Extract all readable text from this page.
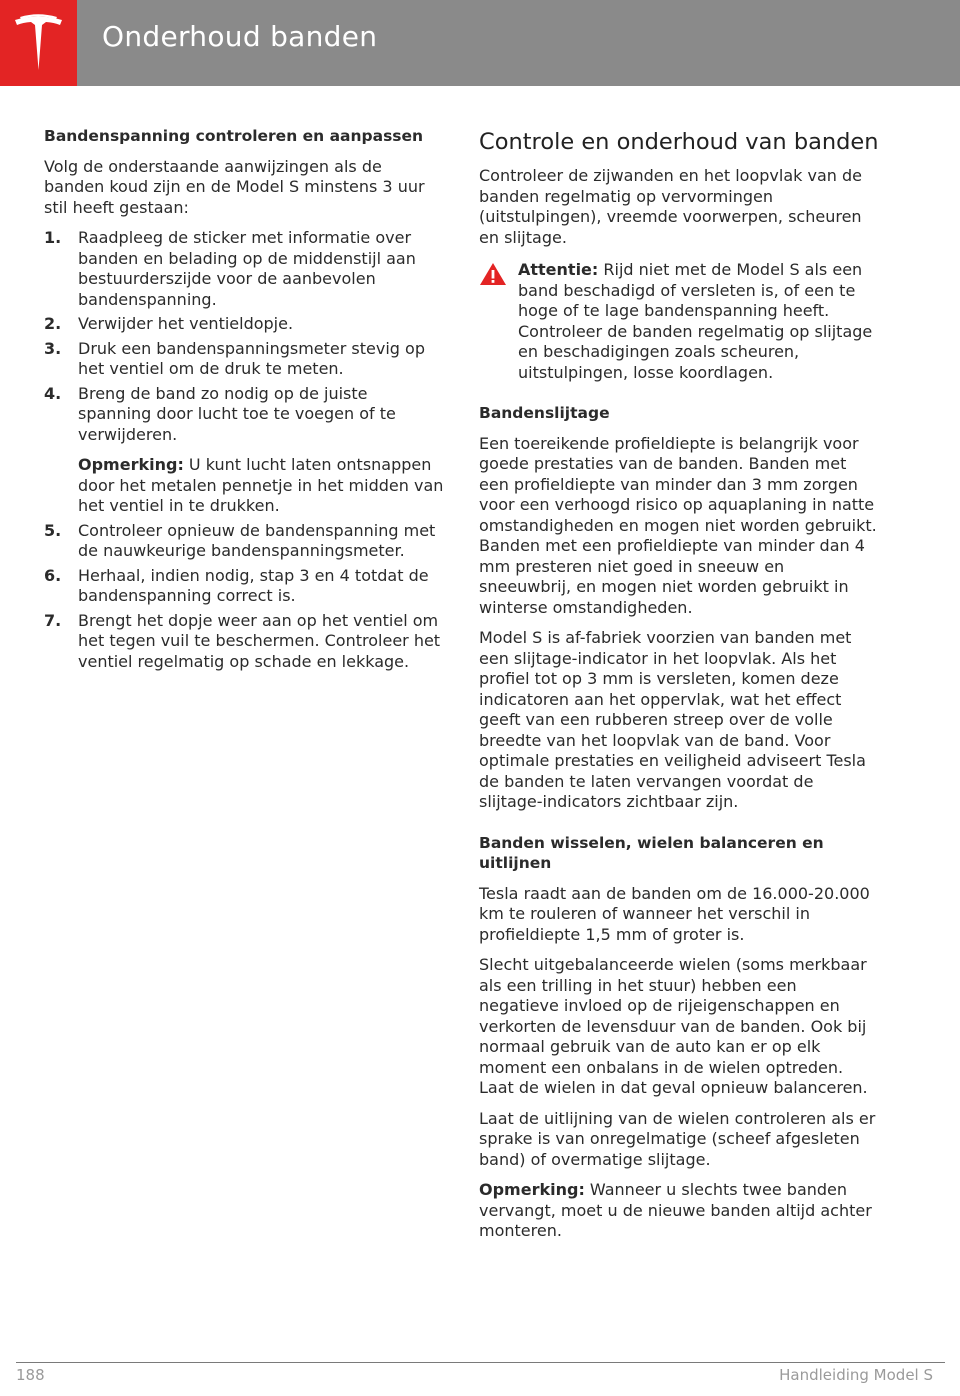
Onderhoud banden

Bandenspanning controleren en aanpassen

Volg de onderstaande aanwijzingen als de banden koud zijn en de Model S minstens 3 uur stil heeft gestaan:

1. Raadpleeg de sticker met informatie over banden en belading op de middenstijl aan bestuurderszijde voor de aanbevolen bandenspanning.
2. Verwijder het ventieldopje.
3. Druk een bandenspanningsmeter stevig op het ventiel om de druk te meten.
4. Breng de band zo nodig op de juiste spanning door lucht toe te voegen of te verwijderen.

Opmerking: U kunt lucht laten ontsnappen door het metalen pennetje in het midden van het ventiel in te drukken.

5. Controleer opnieuw de bandenspanning met de nauwkeurige bandenspanningsmeter.
6. Herhaal, indien nodig, stap 3 en 4 totdat de bandenspanning correct is.
7. Brengt het dopje weer aan op het ventiel om het tegen vuil te beschermen. Controleer het ventiel regelmatig op schade en lekkage.
Controle en onderhoud van banden

Controleer de zijwanden en het loopvlak van de banden regelmatig op vervormingen (uitstulpingen), vreemde voorwerpen, scheuren en slijtage.

Attentie: Rijd niet met de Model S als een band beschadigd of versleten is, of een te hoge of te lage bandenspanning heeft. Controleer de banden regelmatig op slijtage en beschadigingen zoals scheuren, uitstulpingen, losse koordlagen.

Bandenslijtage

Een toereikende profieldiepte is belangrijk voor goede prestaties van de banden. Banden met een profieldiepte van minder dan 3 mm zorgen voor een verhoogd risico op aquaplaning in natte omstandigheden en mogen niet worden gebruikt. Banden met een profieldiepte van minder dan 4 mm presteren niet goed in sneeuw en sneeuwbrij, en mogen niet worden gebruikt in winterse omstandigheden.

Model S is af-fabriek voorzien van banden met een slijtage-indicator in het loopvlak. Als het profiel tot op 3 mm is versleten, komen deze indicatoren aan het oppervlak, wat het effect geeft van een rubberen streep over de volle breedte van het loopvlak van de band. Voor optimale prestaties en veiligheid adviseert Tesla de banden te laten vervangen voordat de slijtage-indicators zichtbaar zijn.

Banden wisselen, wielen balanceren en uitlijnen

Tesla raadt aan de banden om de 16.000-20.000 km te rouleren of wanneer het verschil in profieldiepte 1,5 mm of groter is.

Slecht uitgebalanceerde wielen (soms merkbaar als een trilling in het stuur) hebben een negatieve invloed op de rijeigenschappen en verkorten de levensduur van de banden. Ook bij normaal gebruik van de auto kan er op elk moment een onbalans in de wielen optreden. Laat de wielen in dat geval opnieuw balanceren.

Laat de uitlijning van de wielen controleren als er sprake is van onregelmatige (scheef afgesleten band) of overmatige slijtage.

Opmerking: Wanneer u slechts twee banden vervangt, moet u de nieuwe banden altijd achter monteren.

188	Handleiding Model S
